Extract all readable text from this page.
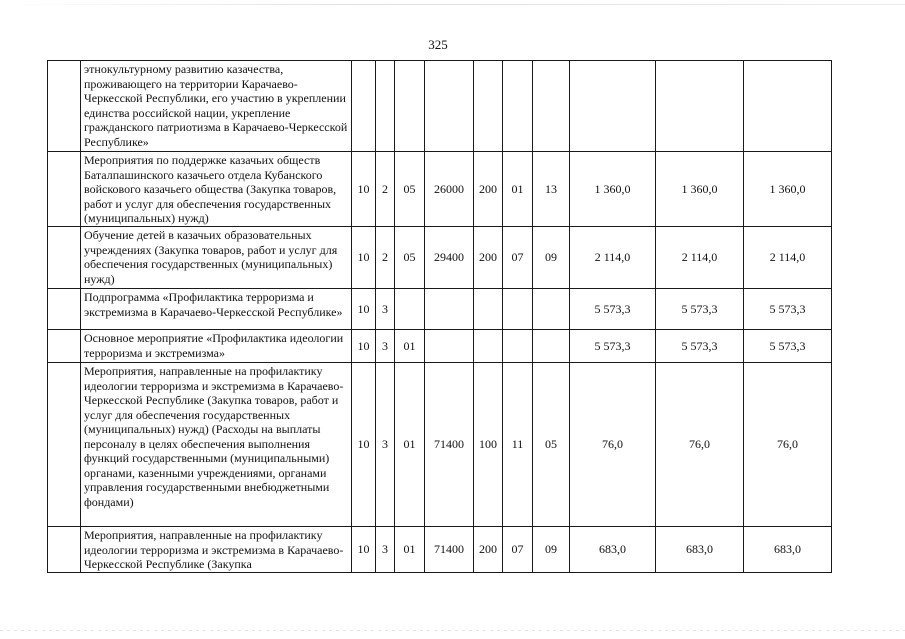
325
	этнокультурному развитию казачества, проживающего на территории Карачаево-Черкесской Республики, его участию в укреплении единства российской нации, укрепление гражданского патриотизма в Карачаево-Черкесской Республике»										
	Мероприятия по поддержке казачьих обществ Баталпашинского казачьего отдела Кубанского войскового казачьего общества (Закупка товаров, работ и услуг для обеспечения государственных (муниципальных) нужд)	10	2	05	26000	200	01	13	1 360,0	1 360,0	1 360,0
	Обучение детей в казачьих образовательных учреждениях (Закупка товаров, работ и услуг для обеспечения государственных (муниципальных) нужд)	10	2	05	29400	200	07	09	2 114,0	2 114,0	2 114,0
	Подпрограмма «Профилактика терроризма и экстремизма в Карачаево-Черкесской Республике»	10	3						5 573,3	5 573,3	5 573,3
	Основное мероприятие «Профилактика идеологии терроризма и экстремизма»	10	3	01					5 573,3	5 573,3	5 573,3
	Мероприятия, направленные на профилактику идеологии терроризма и экстремизма в Карачаево-Черкесской Республике (Закупка товаров, работ и услуг для обеспечения государственных (муниципальных) нужд) (Расходы на выплаты персоналу в целях обеспечения выполнения функций государственными (муниципальными) органами, казенными учреждениями, органами управления государственными внебюджетными фондами)	10	3	01	71400	100	11	05	76,0	76,0	76,0
	Мероприятия, направленные на профилактику идеологии терроризма и экстремизма в Карачаево-Черкесской Республике (Закупка	10	3	01	71400	200	07	09	683,0	683,0	683,0
